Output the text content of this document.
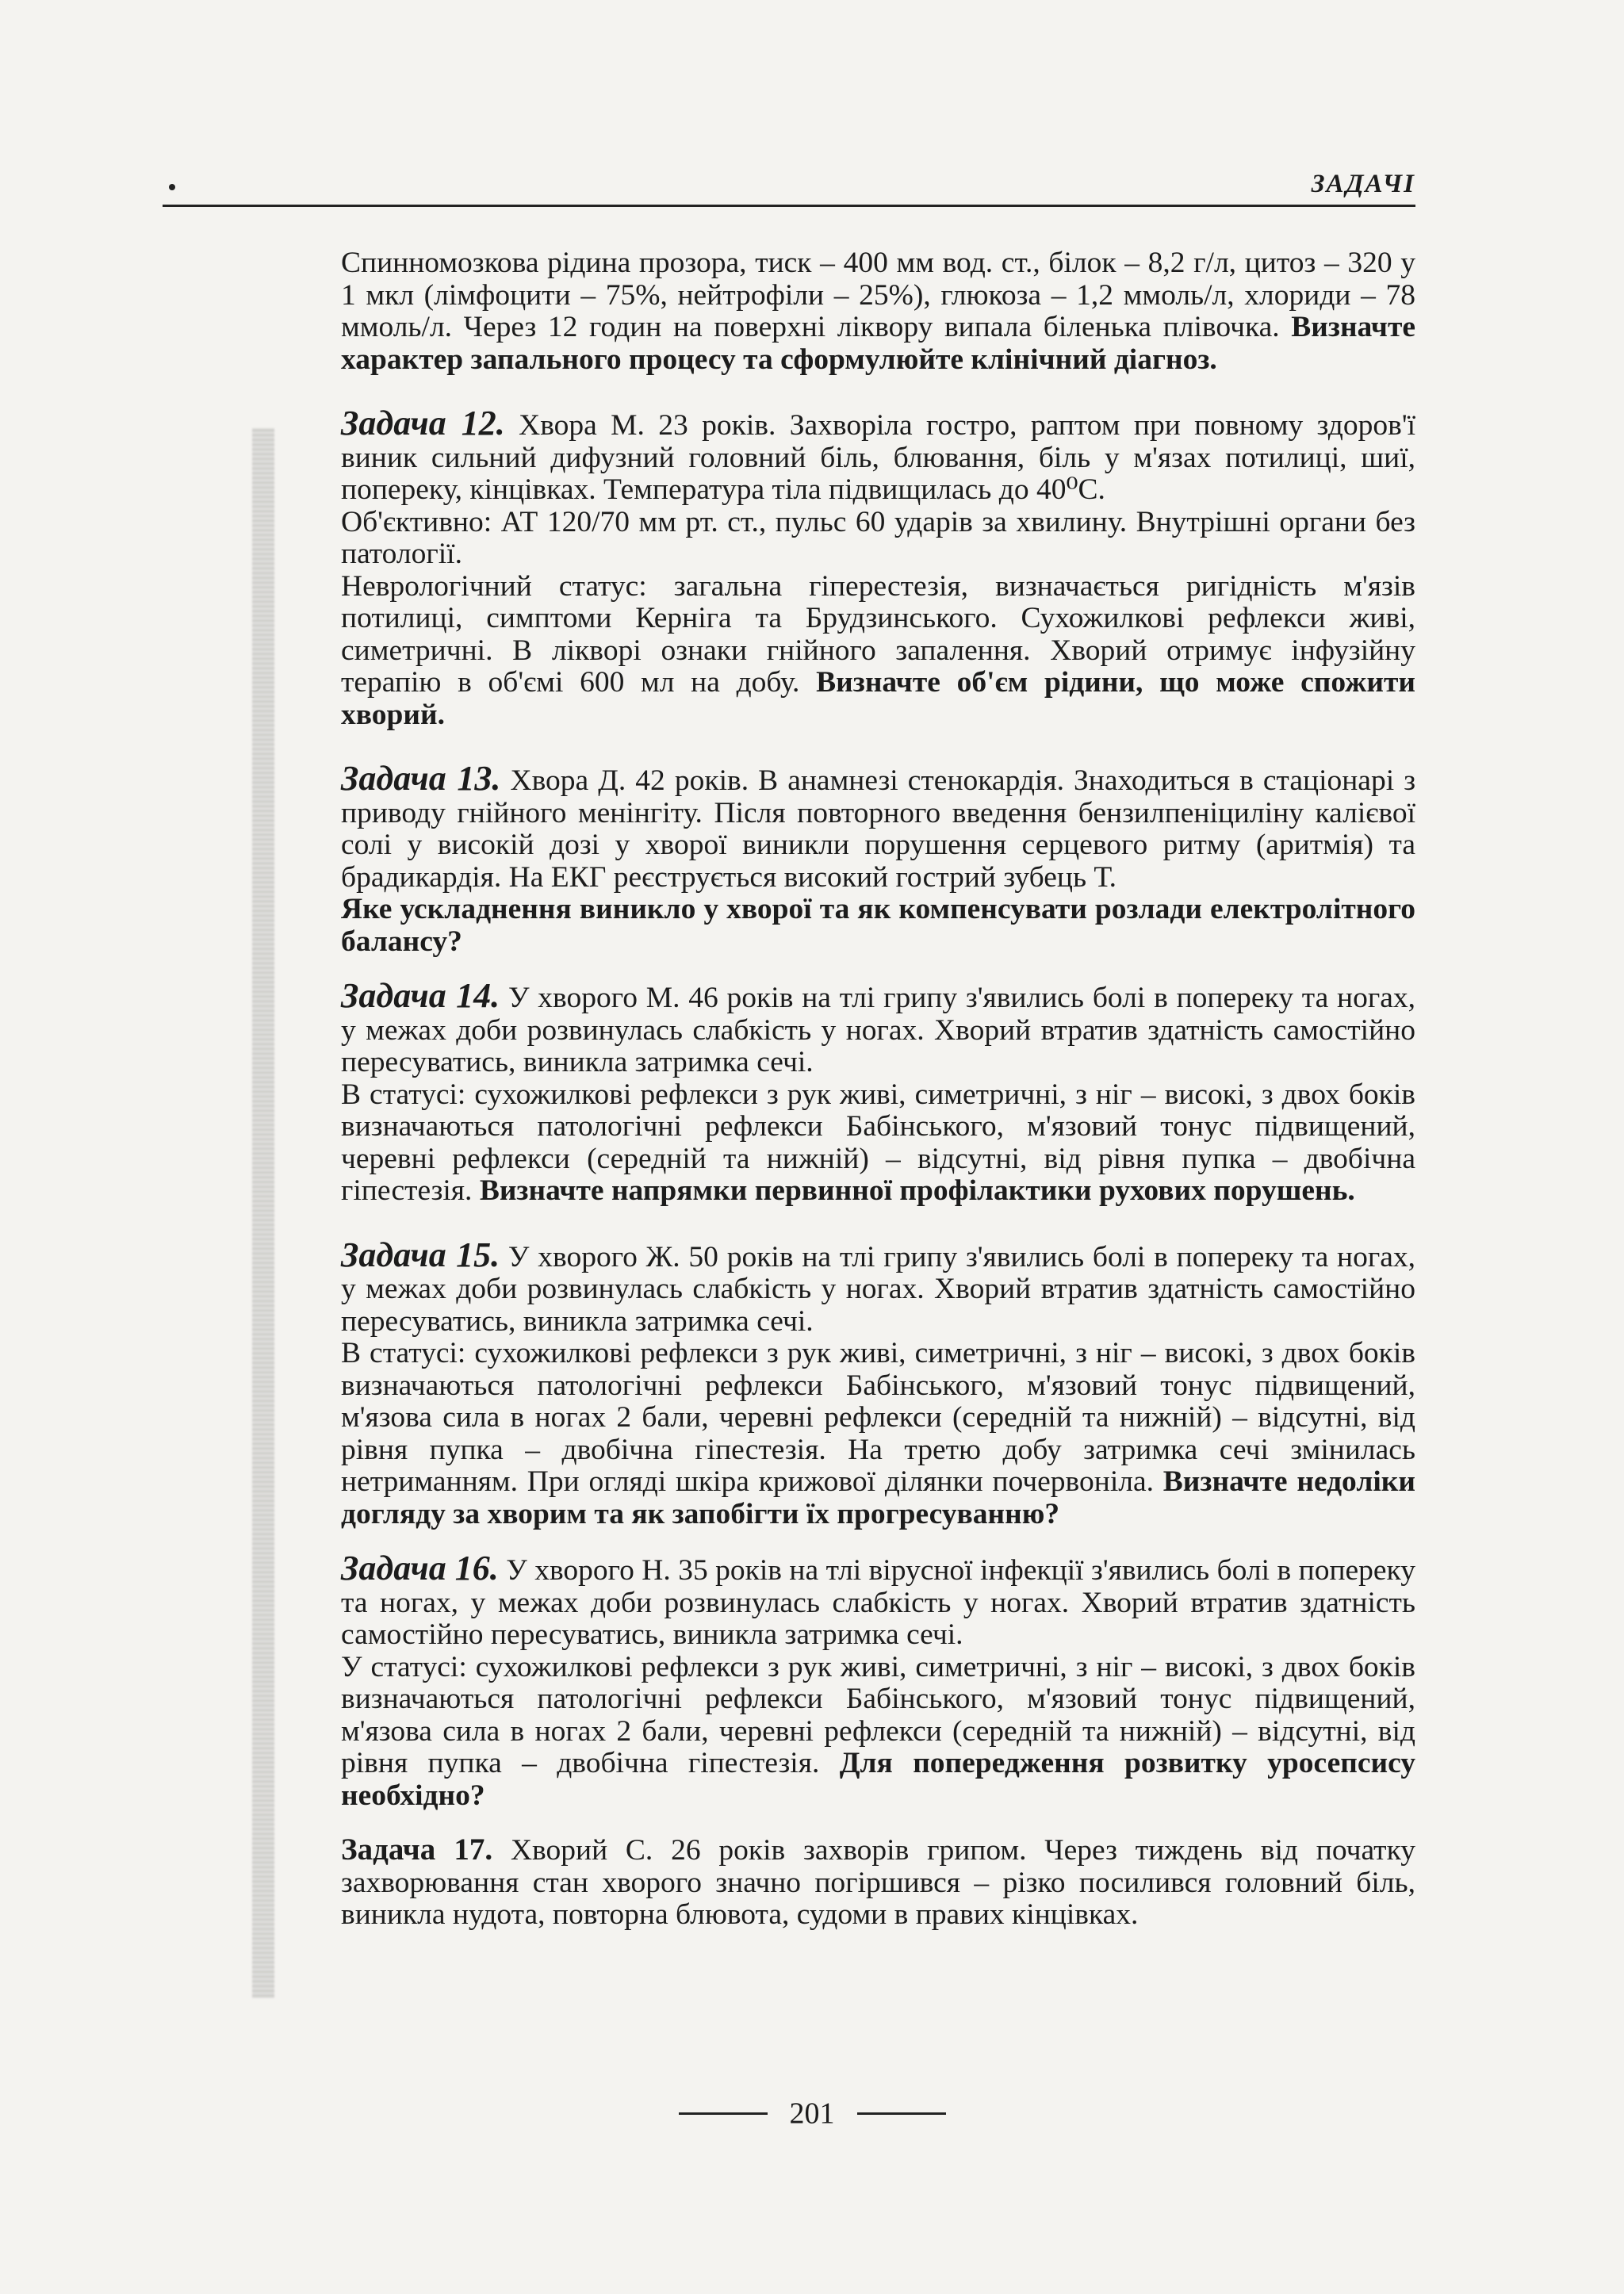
ЗАДАЧІ

Спинномозкова рідина прозора, тиск – 400 мм вод. ст., білок – 8,2 г/л, цитоз – 320 у 1 мкл (лімфоцити – 75%, нейтрофіли – 25%), глюкоза – 1,2 ммоль/л, хлориди – 78 ммоль/л. Через 12 годин на поверхні ліквору випала біленька плівочка. Визначте характер запального процесу та сформулюйте клінічний діагноз.

Задача 12. Хвора М. 23 років. Захворіла гостро, раптом при повному здоров'ї виник сильний дифузний головний біль, блювання, біль у м'язах потилиці, шиї, попереку, кінцівках. Температура тіла підвищилась до 40⁰С.

Об'єктивно: АТ 120/70 мм рт. ст., пульс 60 ударів за хвилину. Внутрішні органи без патології.

Неврологічний статус: загальна гіперестезія, визначається ригідність м'язів потилиці, симптоми Керніга та Брудзинського. Сухожилкові рефлекси живі, симетричні. В ліквoрі ознаки гнійного запалення. Хворий отримує інфузійну терапію в об'ємі 600 мл на добу. Визначте об'єм рідини, що може спожити хворий.

Задача 13. Хвора Д. 42 років. В анамнезі стенокардія. Знаходиться в стаціонарі з приводу гнійного менінгіту. Після повторного введення бензилпеніциліну калієвої солі у високій дозі у хворої виникли порушення серцевого ритму (аритмія) та брадикардія. На ЕКГ реєструється високий гострий зубець Т.

Яке ускладнення виникло у хворої та як компенсувати розлади електролітного балансу?

Задача 14. У хворого М. 46 років на тлі грипу з'явились болі в попереку та ногах, у межах доби розвинулась слабкість у ногах. Хворий втратив здатність самостійно пересуватись, виникла затримка сечі.

В статусі: сухожилкові рефлекси з рук живі, симетричні, з ніг – високі, з двох боків визначаються патологічні рефлекси Бабінського, м'язовий тонус підвищений, черевні рефлекси (середній та нижній) – відсутні, від рівня пупка – двобічна гіпестезія. Визначте напрямки первинної профілактики рухових порушень.

Задача 15. У хворого Ж. 50 років на тлі грипу з'явились болі в попереку та ногах, у межах доби розвинулась слабкість у ногах. Хворий втратив здатність самостійно пересуватись, виникла затримка сечі.

В статусі: сухожилкові рефлекси з рук живі, симетричні, з ніг – високі, з двох боків визначаються патологічні рефлекси Бабінського, м'язовий тонус підвищений, м'язова сила в ногах 2 бали, черевні рефлекси (середній та нижній) – відсутні, від рівня пупка – двобічна гіпестезія. На третю добу затримка сечі змінилась нетриманням. При огляді шкіра крижової ділянки почервоніла. Визначте недоліки догляду за хворим та як запобігти їх прогресуванню?

Задача 16. У хворого Н. 35 років на тлі вірусної інфекції з'явились болі в попереку та ногах, у межах доби розвинулась слабкість у ногах. Хворий втратив здатність самостійно пересуватись, виникла затримка сечі.

У статусі: сухожилкові рефлекси з рук живі, симетричні, з ніг – високі, з двох боків визначаються патологічні рефлекси Бабінського, м'язовий тонус підвищений, м'язова сила в ногах 2 бали, черевні рефлекси (середній та нижній) – відсутні, від рівня пупка – двобічна гіпестезія. Для попередження розвитку уросепсису необхідно?

Задача 17. Хворий С. 26 років захворів грипом. Через тиждень від початку захворювання стан хворого значно погіршився – різко посилився головний біль, виникла нудота, повторна блювота, судоми в правих кінцівках.

201
